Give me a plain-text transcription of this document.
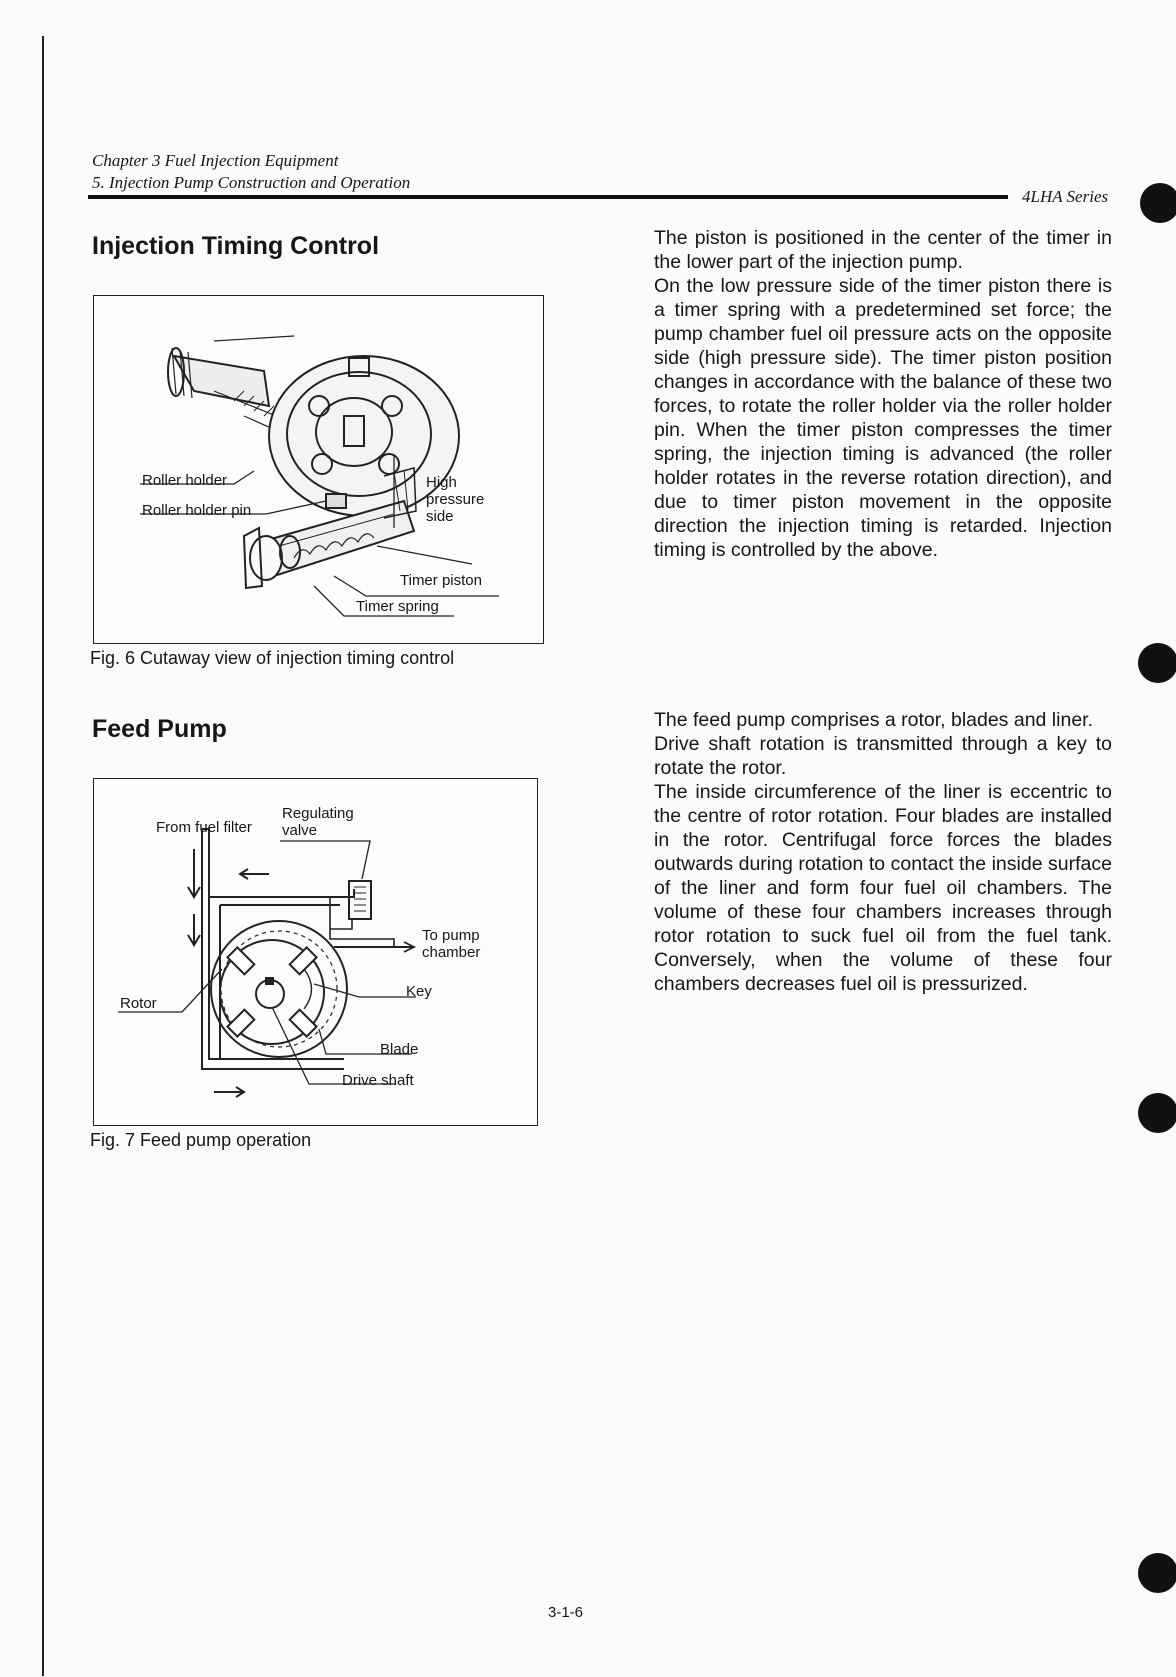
Chapter 3 Fuel Injection Equipment
5. Injection Pump Construction and Operation
4LHA Series
Injection Timing Control
Roller holder
Roller holder pin
High
pressure
side
Timer piston
Timer spring
Fig. 6 Cutaway view of injection timing control

The piston is positioned in the center of the timer in the lower part of the injection pump.

On the low pressure side of the timer piston there is a timer spring with a predetermined set force; the pump chamber fuel oil pressure acts on the opposite side (high pressure side). The timer piston position changes in accordance with the balance of these two forces, to rotate the roller holder via the roller holder pin. When the timer piston compresses the timer spring, the injection timing is advanced (the roller holder rotates in the reverse rotation direction), and due to timer piston movement in the opposite direction the injection timing is retarded. Injection timing is controlled by the above.

Feed Pump
From fuel filter
Regulating
valve
To pump
chamber
Key
Rotor
Blade
Drive shaft
Fig. 7 Feed pump operation

The feed pump comprises a rotor, blades and liner.

Drive shaft rotation is transmitted through a key to rotate the rotor.

The inside circumference of the liner is eccentric to the centre of rotor rotation. Four blades are installed in the rotor. Centrifugal force forces the blades outwards during rotation to contact the inside surface of the liner and form four fuel oil chambers. The volume of these four chambers increases through rotor rotation to suck fuel oil from the fuel tank. Conversely, when the volume of these four chambers decreases fuel oil is pressurized.

3-1-6
